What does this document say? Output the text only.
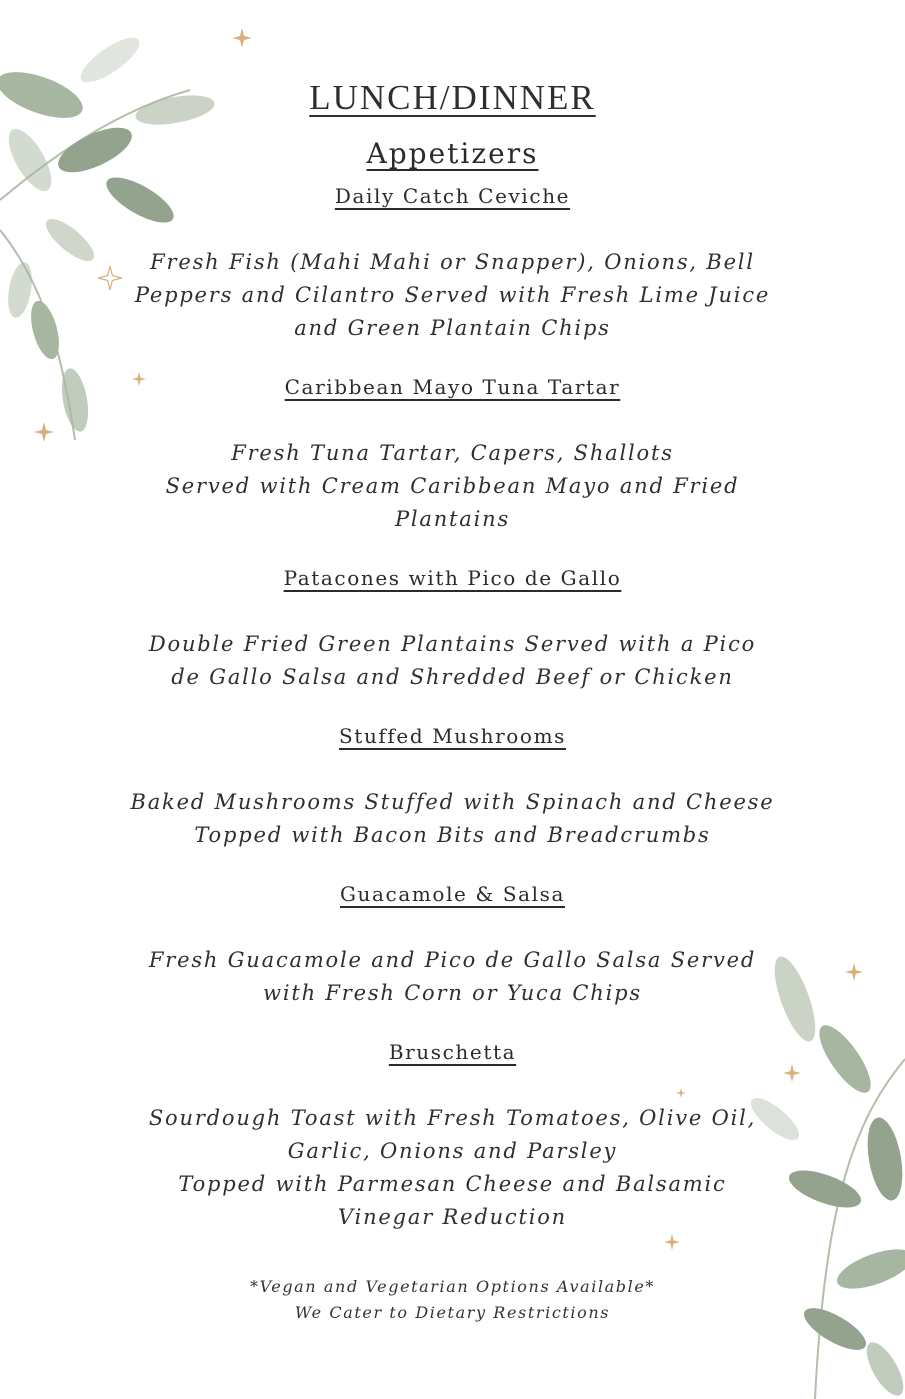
LUNCH/DINNER
Appetizers
Daily Catch Ceviche

Fresh Fish (Mahi Mahi or Snapper), Onions, Bell
Peppers and Cilantro Served with Fresh Lime Juice
and Green Plantain Chips

Caribbean Mayo Tuna Tartar

Fresh Tuna Tartar, Capers, Shallots
Served with Cream Caribbean Mayo and Fried
Plantains

Patacones with Pico de Gallo

Double Fried Green Plantains Served with a Pico
de Gallo Salsa and Shredded Beef or Chicken

Stuffed Mushrooms

Baked Mushrooms Stuffed with Spinach and Cheese
Topped with Bacon Bits and Breadcrumbs

Guacamole & Salsa

Fresh Guacamole and Pico de Gallo Salsa Served
with Fresh Corn or Yuca Chips

Bruschetta

Sourdough Toast with Fresh Tomatoes, Olive Oil,
Garlic, Onions and Parsley
Topped with Parmesan Cheese and Balsamic
Vinegar Reduction

*Vegan and Vegetarian Options Available*
We Cater to Dietary Restrictions
